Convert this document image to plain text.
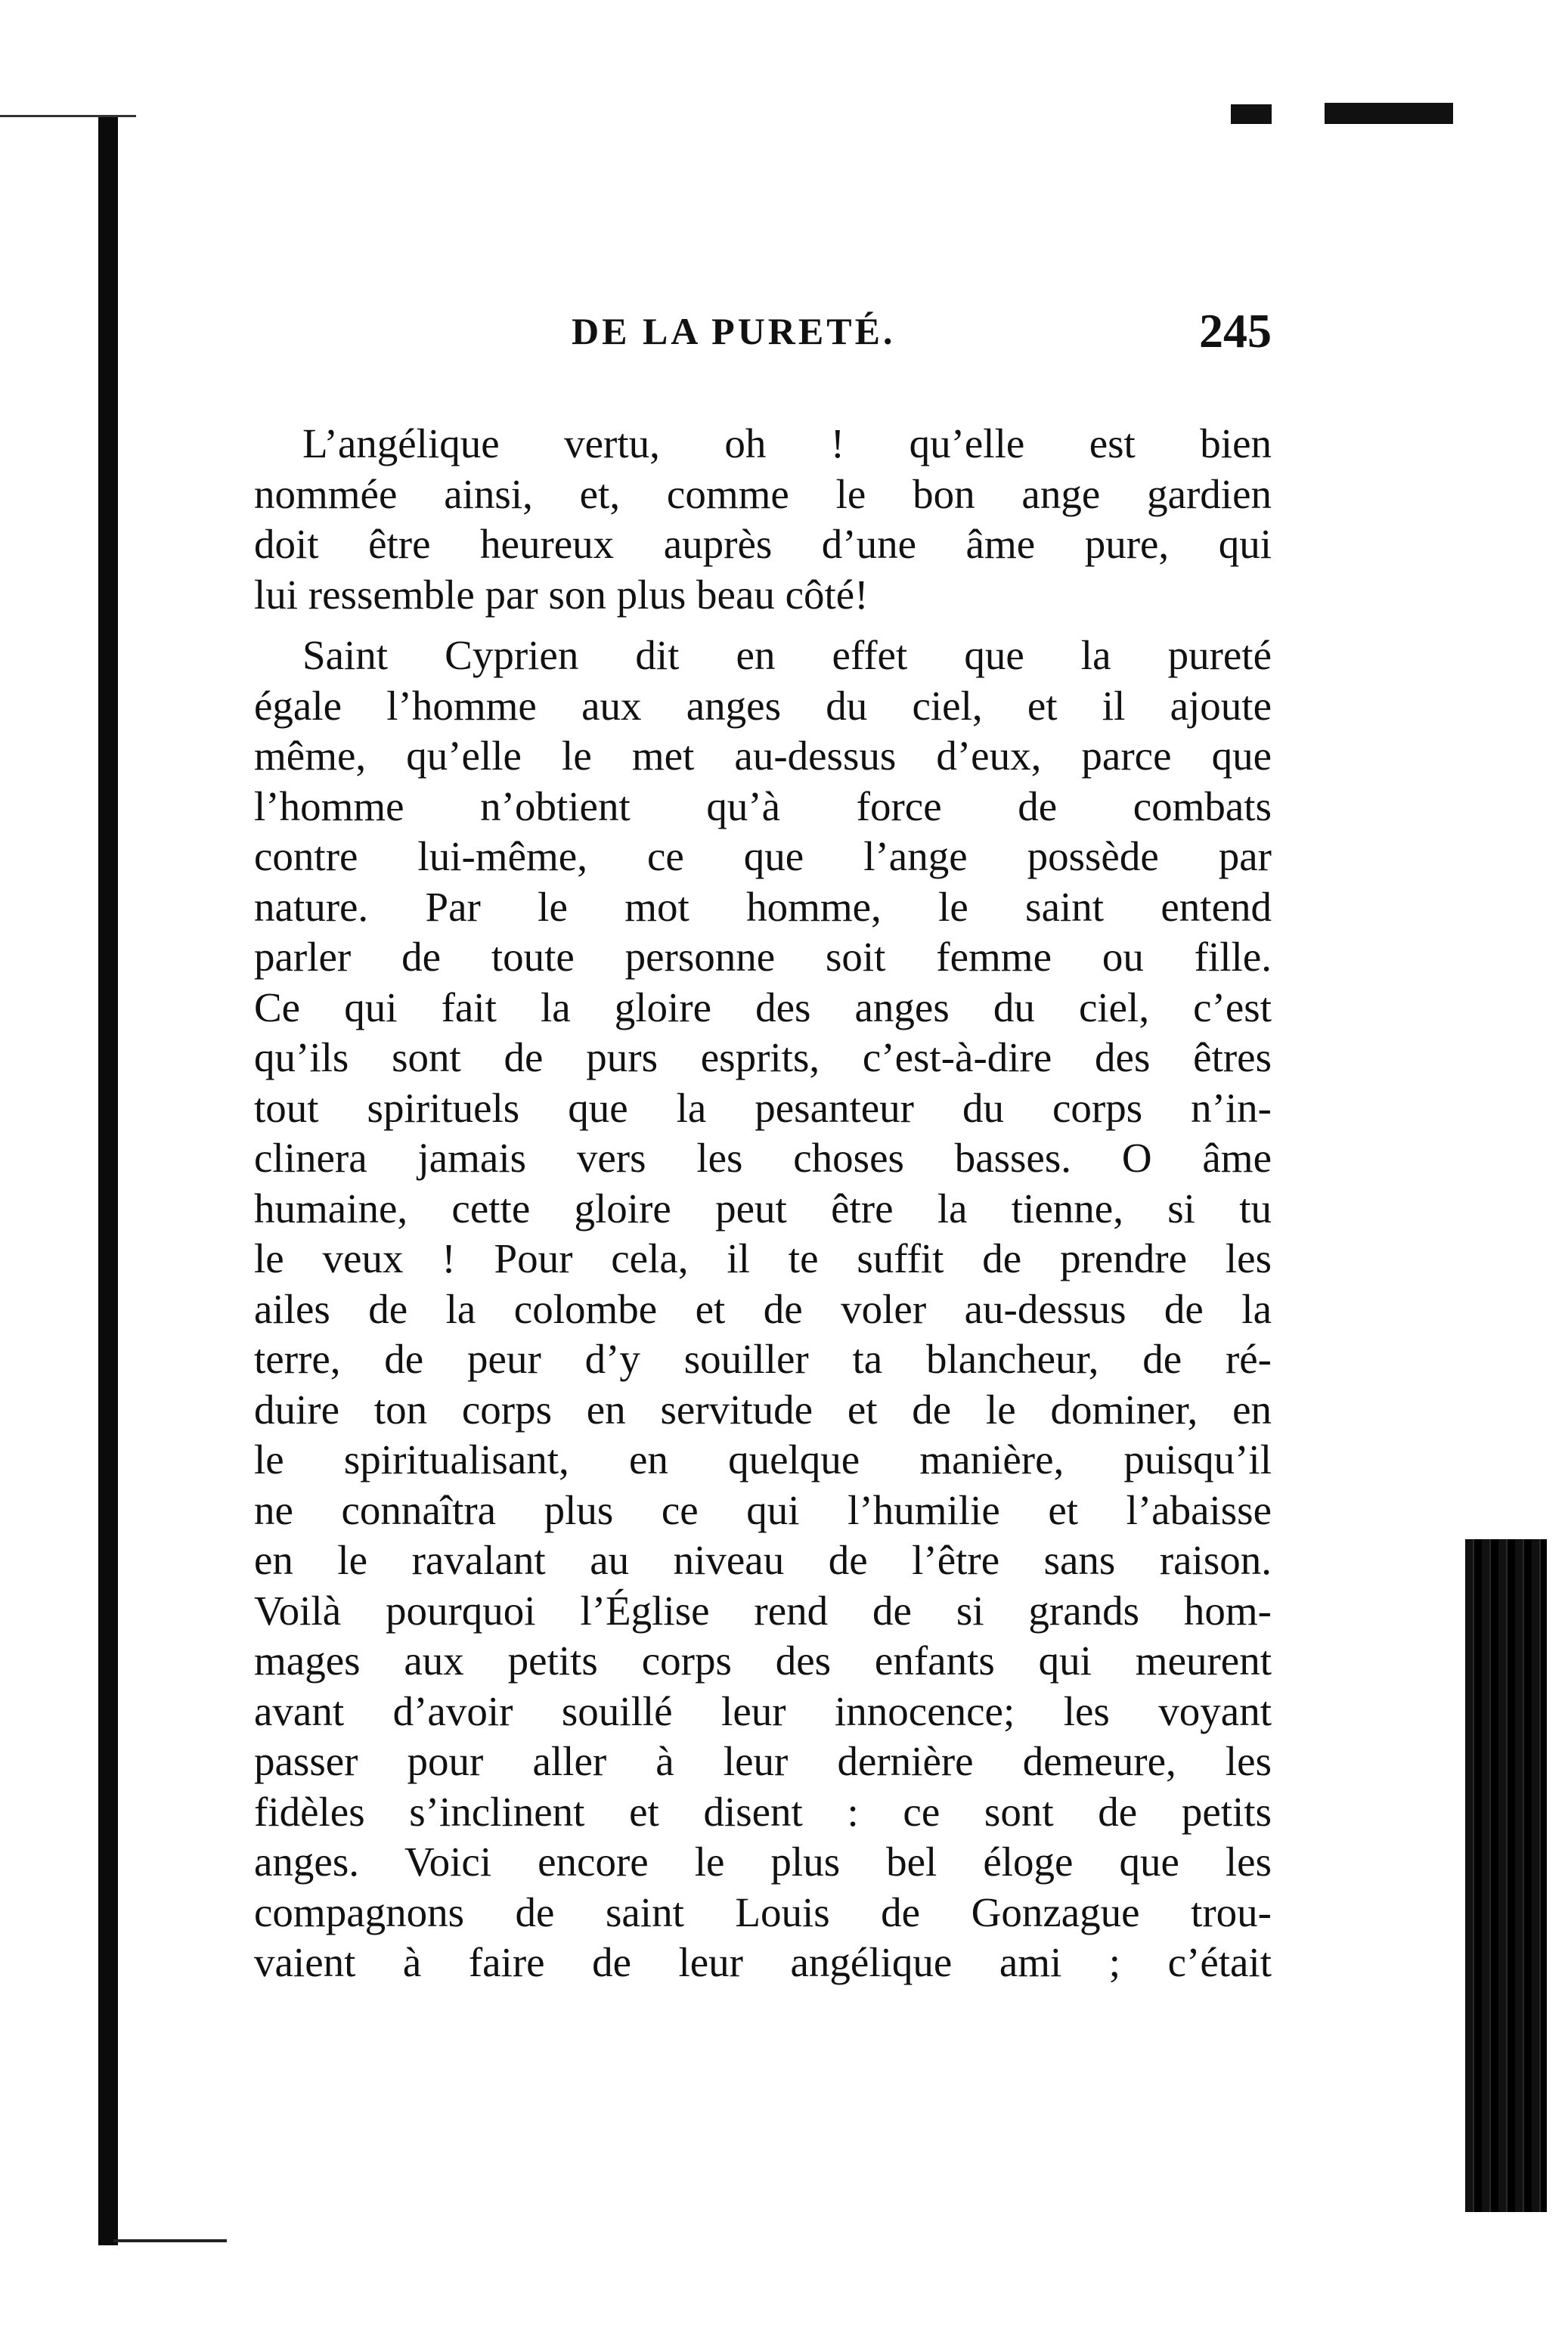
DE LA PURETÉ.	245
L’angélique vertu, oh ! qu’elle est bien
nommée ainsi, et, comme le bon ange gardien
doit être heureux auprès d’une âme pure, qui
lui ressemble par son plus beau côté!
Saint Cyprien dit en effet que la pureté
égale l’homme aux anges du ciel, et il ajoute
même, qu’elle le met au-dessus d’eux, parce que
l’homme n’obtient qu’à force de combats
contre lui-même, ce que l’ange possède par
nature. Par le mot homme, le saint entend
parler de toute personne soit femme ou fille.
Ce qui fait la gloire des anges du ciel, c’est
qu’ils sont de purs esprits, c’est-à-dire des êtres
tout spirituels que la pesanteur du corps n’in-
clinera jamais vers les choses basses. O âme
humaine, cette gloire peut être la tienne, si tu
le veux ! Pour cela, il te suffit de prendre les
ailes de la colombe et de voler au-dessus de la
terre, de peur d’y souiller ta blancheur, de ré-
duire ton corps en servitude et de le dominer, en
le spiritualisant, en quelque manière, puisqu’il
ne connaîtra plus ce qui l’humilie et l’abaisse
en le ravalant au niveau de l’être sans raison.
Voilà pourquoi l’Église rend de si grands hom-
mages aux petits corps des enfants qui meurent
avant d’avoir souillé leur innocence; les voyant
passer pour aller à leur dernière demeure, les
fidèles s’inclinent et disent : ce sont de petits
anges. Voici encore le plus bel éloge que les
compagnons de saint Louis de Gonzague trou-
vaient à faire de leur angélique ami ; c’était
